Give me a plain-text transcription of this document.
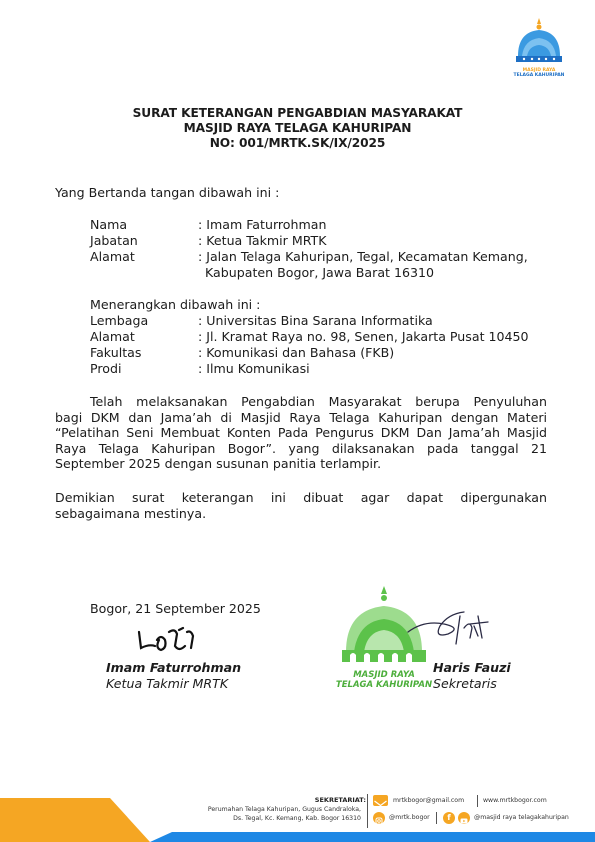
MASJID RAYA
TELAGA KAHURIPAN
SURAT KETERANGAN PENGABDIAN MASYARAKAT
MASJID RAYA TELAGA KAHURIPAN
NO: 001/MRTK.SK/IX/2025
Yang Bertanda tangan dibawah ini :
Nama	: Imam Faturrohman
Jabatan	: Ketua Takmir MRTK
Alamat	: Jalan Telaga Kahuripan, Tegal, Kecamatan Kemang,
Kabupaten Bogor, Jawa Barat 16310
Menerangkan dibawah ini :
Lembaga	: Universitas Bina Sarana Informatika
Alamat	: Jl. Kramat Raya no. 98, Senen, Jakarta Pusat 10450
Fakultas	: Komunikasi dan Bahasa (FKB)
Prodi	: Ilmu Komunikasi
Telah melaksanakan Pengabdian Masyarakat berupa Penyuluhan
bagi DKM dan Jama’ah di Masjid Raya Telaga Kahuripan dengan Materi
“Pelatihan Seni Membuat Konten Pada Pengurus DKM Dan Jama’ah Masjid
Raya Telaga Kahuripan Bogor”. yang dilaksanakan pada tanggal 21
September 2025 dengan susunan panitia terlampir.
Demikian surat keterangan ini dibuat agar dapat dipergunakan
sebagaimana mestinya.
Bogor, 21 September 2025
Imam Faturrohman
Ketua Takmir MRTK
MASJID RAYA
TELAGA KAHURIPAN
Haris Fauzi
Sekretaris
SEKRETARIAT:
Perumahan Telaga Kahuripan, Gugus Candraloka,
Ds. Tegal, Kc. Kemang, Kab. Bogor 16310
mrtkbogor@gmail.com	www.mrtkbogor.com
@mrtk.bogor	f	@masjid raya telagakahuripan
